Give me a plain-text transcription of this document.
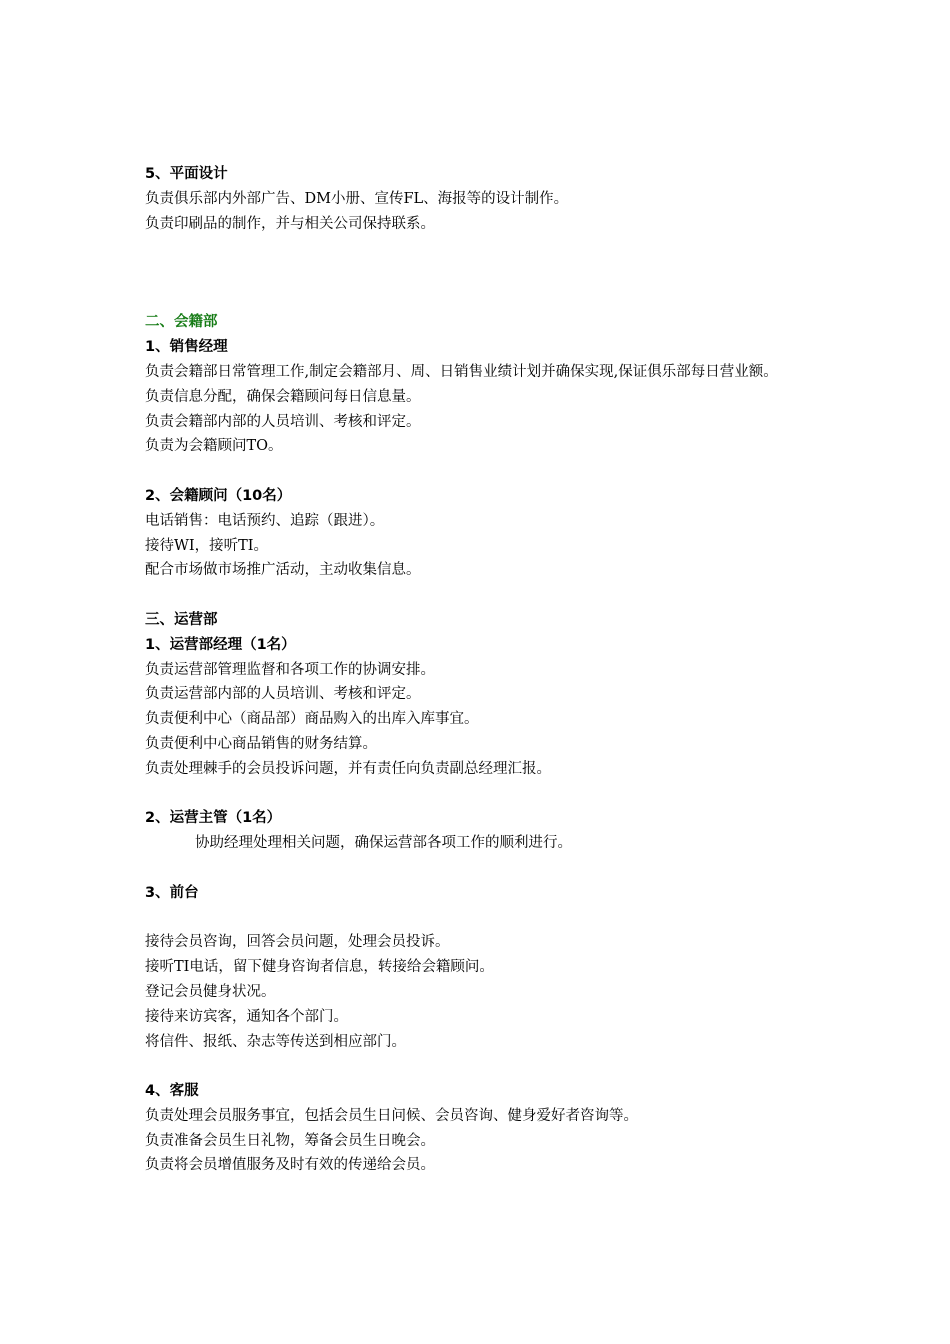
5、平面设计

负责俱乐部内外部广告、DM小册、宣传FL、海报等的设计制作。

负责印刷品的制作，并与相关公司保持联系。

二、会籍部

1、销售经理

负责会籍部日常管理工作,制定会籍部月、周、日销售业绩计划并确保实现,保证俱乐部每日营业额。

负责信息分配，确保会籍顾问每日信息量。

负责会籍部内部的人员培训、考核和评定。

负责为会籍顾问TO。

2、会籍顾问（10名）

电话销售：电话预约、追踪（跟进）。

接待WI，接听TI。

配合市场做市场推广活动，主动收集信息。

三、运营部

1、运营部经理（1名）

负责运营部管理监督和各项工作的协调安排。

负责运营部内部的人员培训、考核和评定。

负责便利中心（商品部）商品购入的出库入库事宜。

负责便利中心商品销售的财务结算。

负责处理棘手的会员投诉问题，并有责任向负责副总经理汇报。

2、运营主管（1名）

协助经理处理相关问题，确保运营部各项工作的顺利进行。

3、前台

接待会员咨询，回答会员问题，处理会员投诉。

接听TI电话，留下健身咨询者信息，转接给会籍顾问。

登记会员健身状况。

接待来访宾客，通知各个部门。

将信件、报纸、杂志等传送到相应部门。

4、客服

负责处理会员服务事宜，包括会员生日问候、会员咨询、健身爱好者咨询等。

负责准备会员生日礼物，筹备会员生日晚会。

负责将会员增值服务及时有效的传递给会员。
